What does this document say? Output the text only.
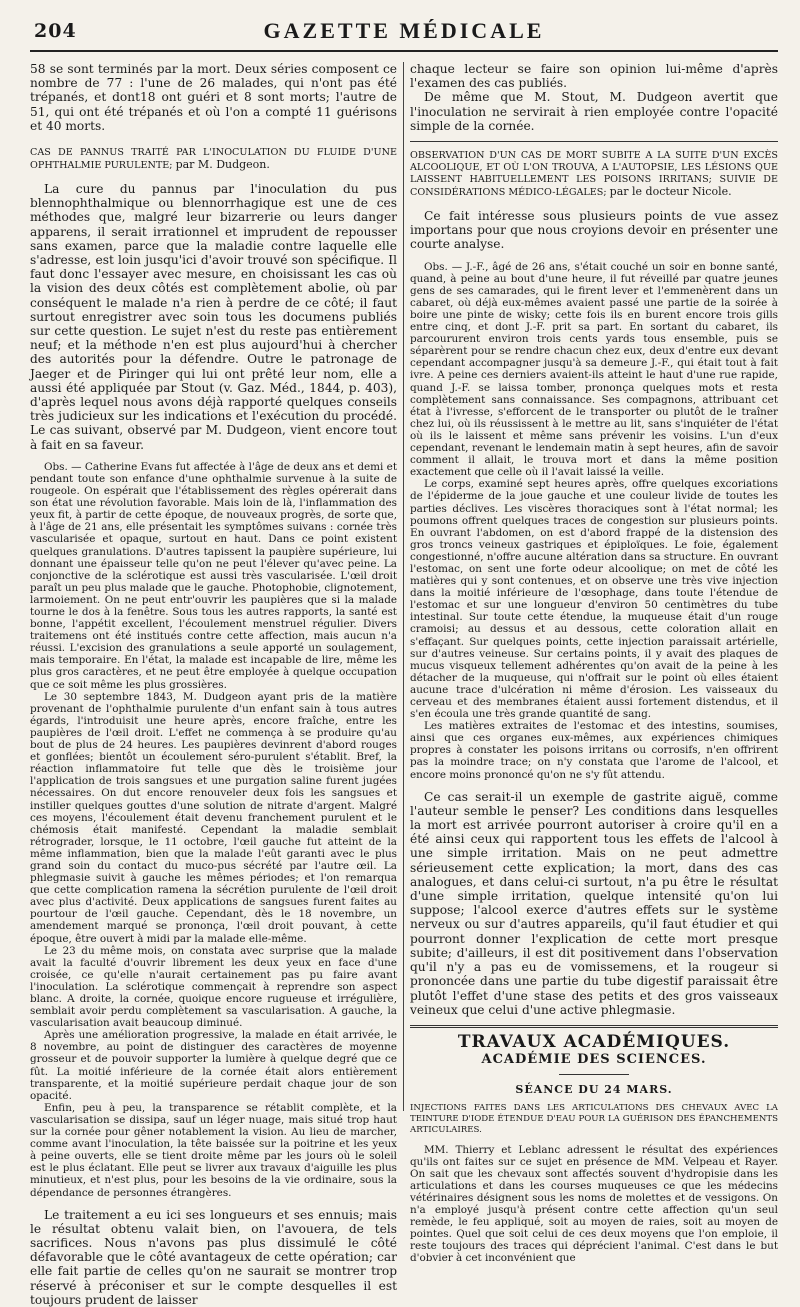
204	GAZETTE MÉDICALE

58 se sont terminés par la mort. Deux séries composent ce nombre de 77 : l'une de 26 malades, qui n'ont pas été trépanés, et dont18 ont guéri et 8 sont morts; l'autre de 51, qui ont été trépanés et où l'on a compté 11 guérisons et 40 morts.

CAS DE PANNUS TRAITÉ PAR L'INOCULATION DU FLUIDE D'UNE OPHTHALMIE PURULENTE; par M. Dudgeon.

La cure du pannus par l'inoculation du pus blennophthalmique ou blennorrhagique est une de ces méthodes que, malgré leur bizarrerie ou leurs danger apparens, il serait irrationnel et imprudent de repousser sans examen, parce que la maladie contre laquelle elle s'adresse, est loin jusqu'ici d'avoir trouvé son spécifique. Il faut donc l'essayer avec mesure, en choisissant les cas où la vision des deux côtés est complètement abolie, où par conséquent le malade n'a rien à perdre de ce côté; il faut surtout enregistrer avec soin tous les documens publiés sur cette question. Le sujet n'est du reste pas entièrement neuf; et la méthode n'en est plus aujourd'hui à chercher des autorités pour la défendre. Outre le patronage de Jaeger et de Piringer qui lui ont prêté leur nom, elle a aussi été appliquée par Stout (v. Gaz. Méd., 1844, p. 403), d'après lequel nous avons déjà rapporté quelques conseils très judicieux sur les indications et l'exécution du procédé. Le cas suivant, observé par M. Dudgeon, vient encore tout à fait en sa faveur.

Obs. — Catherine Evans fut affectée à l'âge de deux ans et demi et pendant toute son enfance d'une ophthalmie survenue à la suite de rougeole. On espérait que l'établissement des règles opérerait dans son état une révolution favorable. Mais loin de là, l'inflammation des yeux fit, à partir de cette époque, de nouveaux progrès, de sorte que, à l'âge de 21 ans, elle présentait les symptômes suivans : cornée très vascularisée et opaque, surtout en haut. Dans ce point existent quelques granulations. D'autres tapissent la paupière supérieure, lui donnant une épaisseur telle qu'on ne peut l'élever qu'avec peine. La conjonctive de la sclérotique est aussi très vascularisée. L'œil droit paraît un peu plus malade que le gauche. Photophobie, clignotement, larmoiement. On ne peut entr'ouvrir les paupières que si la malade tourne le dos à la fenêtre. Sous tous les autres rapports, la santé est bonne, l'appétit excellent, l'écoulement menstruel régulier. Divers traitemens ont été institués contre cette affection, mais aucun n'a réussi. L'excision des granulations a seule apporté un soulagement, mais temporaire. En l'état, la malade est incapable de lire, même les plus gros caractères, et ne peut être employée à quelque occupation que ce soit même les plus grossières.

Le 30 septembre 1843, M. Dudgeon ayant pris de la matière provenant de l'ophthalmie purulente d'un enfant sain à tous autres égards, l'introduisit une heure après, encore fraîche, entre les paupières de l'œil droit. L'effet ne commença à se produire qu'au bout de plus de 24 heures. Les paupières devinrent d'abord rouges et gonflées; bientôt un écoulement séro-purulent s'établit. Bref, la réaction inflammatoire fut telle que dès le troisième jour l'application de trois sangsues et une purgation saline furent jugées nécessaires. On dut encore renouveler deux fois les sangsues et instiller quelques gouttes d'une solution de nitrate d'argent. Malgré ces moyens, l'écoulement était devenu franchement purulent et le chémosis était manifesté. Cependant la maladie semblait rétrograder, lorsque, le 11 octobre, l'œil gauche fut atteint de la même inflammation, bien que la malade l'eût garanti avec le plus grand soin du contact du muco-pus sécrété par l'autre œil. La phlegmasie suivit à gauche les mêmes périodes; et l'on remarqua que cette complication ramena la sécrétion purulente de l'œil droit avec plus d'activité. Deux applications de sangsues furent faites au pourtour de l'œil gauche. Cependant, dès le 18 novembre, un amendement marqué se prononça, l'œil droit pouvant, à cette époque, être ouvert à midi par la malade elle-même.

Le 23 du même mois, on constata avec surprise que la malade avait la faculté d'ouvrir librement les deux yeux en face d'une croisée, ce qu'elle n'aurait certainement pas pu faire avant l'inoculation. La sclérotique commençait à reprendre son aspect blanc. A droite, la cornée, quoique encore rugueuse et irrégulière, semblait avoir perdu complètement sa vascularisation. A gauche, la vascularisation avait beaucoup diminué.

Après une amélioration progressive, la malade en était arrivée, le 8 novembre, au point de distinguer des caractères de moyenne grosseur et de pouvoir supporter la lumière à quelque degré que ce fût. La moitié inférieure de la cornée était alors entièrement transparente, et la moitié supérieure perdait chaque jour de son opacité.

Enfin, peu à peu, la transparence se rétablit complète, et la vascularisation se dissipa, sauf un léger nuage, mais situé trop haut sur la cornée pour gêner notablement la vision. Au lieu de marcher, comme avant l'inoculation, la tête baissée sur la poitrine et les yeux à peine ouverts, elle se tient droite même par les jours où le soleil est le plus éclatant. Elle peut se livrer aux travaux d'aiguille les plus minutieux, et n'est plus, pour les besoins de la vie ordinaire, sous la dépendance de personnes étrangères.

Le traitement a eu ici ses longueurs et ses ennuis; mais le résultat obtenu valait bien, on l'avouera, de tels sacrifices. Nous n'avons pas plus dissimulé le côté défavorable que le côté avantageux de cette opération; car elle fait partie de celles qu'on ne saurait se montrer trop réservé à préconiser et sur le compte desquelles il est toujours prudent de laisser

chaque lecteur se faire son opinion lui-même d'après l'examen des cas publiés.

De même que M. Stout, M. Dudgeon avertit que l'inoculation ne servirait à rien employée contre l'opacité simple de la cornée.

OBSERVATION D'UN CAS DE MORT SUBITE A LA SUITE D'UN EXCÈS ALCOOLIQUE, ET OÙ L'ON TROUVA, A L'AUTOPSIE, LES LÉSIONS QUE LAISSENT HABITUELLEMENT LES POISONS IRRITANS; SUIVIE DE CONSIDÉRATIONS MÉDICO-LÉGALES; par le docteur Nicole.

Ce fait intéresse sous plusieurs points de vue assez importans pour que nous croyions devoir en présenter une courte analyse.

Obs. — J.-F., âgé de 26 ans, s'était couché un soir en bonne santé, quand, à peine au bout d'une heure, il fut réveillé par quatre jeunes gens de ses camarades, qui le firent lever et l'emmenèrent dans un cabaret, où déjà eux-mêmes avaient passé une partie de la soirée à boire une pinte de wisky; cette fois ils en burent encore trois gills entre cinq, et dont J.-F. prit sa part. En sortant du cabaret, ils parcoururent environ trois cents yards tous ensemble, puis se séparèrent pour se rendre chacun chez eux, deux d'entre eux devant cependant accompagner jusqu'à sa demeure J.-F., qui était tout à fait ivre. A peine ces derniers avaient-ils atteint le haut d'une rue rapide, quand J.-F. se laissa tomber, prononça quelques mots et resta complètement sans connaissance. Ses compagnons, attribuant cet état à l'ivresse, s'efforcent de le transporter ou plutôt de le traîner chez lui, où ils réussissent à le mettre au lit, sans s'inquiéter de l'état où ils le laissent et même sans prévenir les voisins. L'un d'eux cependant, revenant le lendemain matin à sept heures, afin de savoir comment il allait, le trouva mort et dans la même position exactement que celle où il l'avait laissé la veille.

Le corps, examiné sept heures après, offre quelques excoriations de l'épiderme de la joue gauche et une couleur livide de toutes les parties déclives. Les viscères thoraciques sont à l'état normal; les poumons offrent quelques traces de congestion sur plusieurs points. En ouvrant l'abdomen, on est d'abord frappé de la distension des gros troncs veineux gastriques et épiploïques. Le foie, également congestionné, n'offre aucune altération dans sa structure. En ouvrant l'estomac, on sent une forte odeur alcoolique; on met de côté les matières qui y sont contenues, et on observe une très vive injection dans la moitié inférieure de l'œsophage, dans toute l'étendue de l'estomac et sur une longueur d'environ 50 centimètres du tube intestinal. Sur toute cette étendue, la muqueuse était d'un rouge cramoisi; au dessus et au dessous, cette coloration allait en s'effaçant. Sur quelques points, cette injection paraissait artérielle, sur d'autres veineuse. Sur certains points, il y avait des plaques de mucus visqueux tellement adhérentes qu'on avait de la peine à les détacher de la muqueuse, qui n'offrait sur le point où elles étaient aucune trace d'ulcération ni même d'érosion. Les vaisseaux du cerveau et des membranes étaient aussi fortement distendus, et il s'en écoula une très grande quantité de sang.

Les matières extraites de l'estomac et des intestins, soumises, ainsi que ces organes eux-mêmes, aux expériences chimiques propres à constater les poisons irritans ou corrosifs, n'en offrirent pas la moindre trace; on n'y constata que l'arome de l'alcool, et encore moins prononcé qu'on ne s'y fût attendu.

Ce cas serait-il un exemple de gastrite aiguë, comme l'auteur semble le penser? Les conditions dans lesquelles la mort est arrivée pourront autoriser à croire qu'il en a été ainsi ceux qui rapportent tous les effets de l'alcool à une simple irritation. Mais on ne peut admettre sérieusement cette explication; la mort, dans des cas analogues, et dans celui-ci surtout, n'a pu être le résultat d'une simple irritation, quelque intensité qu'on lui suppose; l'alcool exerce d'autres effets sur le système nerveux ou sur d'autres appareils, qu'il faut étudier et qui pourront donner l'explication de cette mort presque subite; d'ailleurs, il est dit positivement dans l'observation qu'il n'y a pas eu de vomissemens, et la rougeur si prononcée dans une partie du tube digestif paraissait être plutôt l'effet d'une stase des petits et des gros vaisseaux veineux que celui d'une active phlegmasie.

TRAVAUX ACADÉMIQUES.

ACADÉMIE DES SCIENCES.

SÉANCE DU 24 MARS.

INJECTIONS FAITES DANS LES ARTICULATIONS DES CHEVAUX AVEC LA TEINTURE D'IODE ÉTENDUE D'EAU POUR LA GUÉRISON DES ÉPANCHEMENTS ARTICULAIRES.

MM. Thierry et Leblanc adressent le résultat des expériences qu'ils ont faites sur ce sujet en présence de MM. Velpeau et Rayer. On sait que les chevaux sont affectés souvent d'hydropisie dans les articulations et dans les courses muqueuses ce que les médecins vétérinaires désignent sous les noms de molettes et de vessigons. On n'a employé jusqu'à présent contre cette affection qu'un seul remède, le feu appliqué, soit au moyen de raies, soit au moyen de pointes. Quel que soit celui de ces deux moyens que l'on emploie, il reste toujours des traces qui déprécient l'animal. C'est dans le but d'obvier à cet inconvénient que
